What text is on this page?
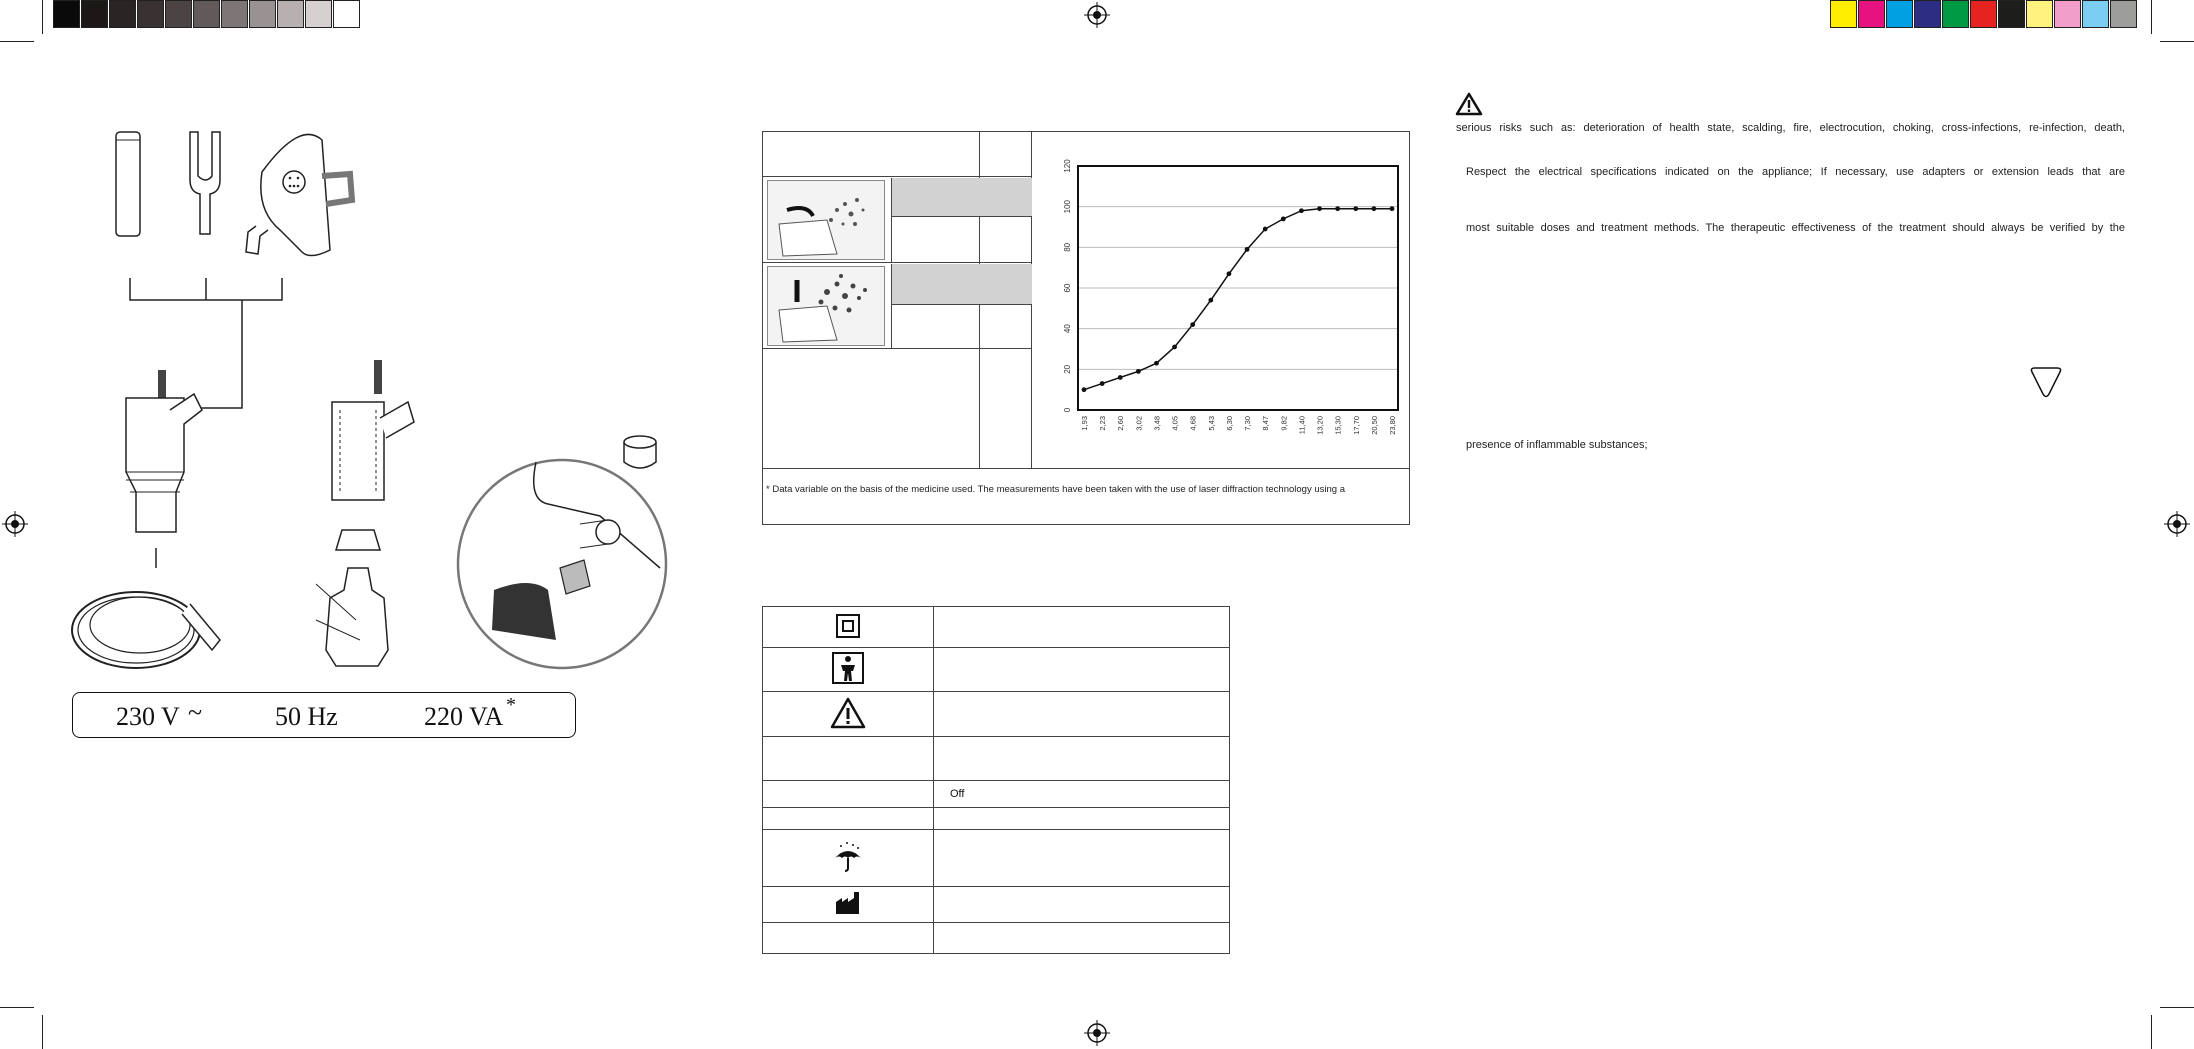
230 V ~	50 Hz	220 VA *
0
20
40
60
80
100
120
1,93 2,23 2,60 3,02 3,48 4,05 4,68 5,43 6,30 7,30 8,47 9,82 11,40 13,20 15,30 17,70 20,50 23,80
* Data variable on the basis of the medicine used. The measurements have been taken with the use of laser diffraction technology using a

	Off

serious risks such as: deterioration of health state, scalding, fire, electrocution, choking, cross-infections, re-infection, death,
Respect the electrical specifications indicated on the appliance; If necessary, use adapters or extension leads that are
most suitable doses and treatment methods. The therapeutic effectiveness of the treatment should always be verified by the
presence of inflammable substances;
